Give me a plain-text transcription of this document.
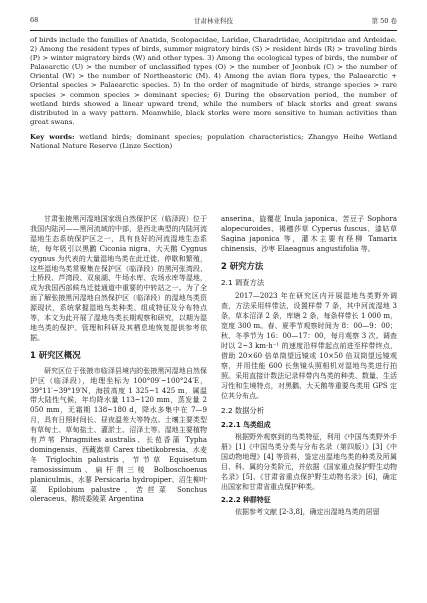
68	甘肃林业科技	第 50 卷

of birds include the families of Anatida, Scolopacidae, Laridae, Charadriidae, Accipitridae and Ardeidae. 2) Among the resident types of birds, summer migratory birds (S) > resident birds (R) > traveling birds (P) > winter migratory birds (W) and other types. 3) Among the ecological types of birds, the number of Palaearctic (U) > the number of unclassified types (O) > the number of Jeonbuk (C) > the number of Oriental (W) > the number of Northeasteric (M). 4) Among the avian flora types, the Palaearctic + Oriental species > Palaearctic species. 5) In the order of magnitude of birds, strange species > rare species > common species > dominant species; 6) During the observation period, the number of wetland birds showed a linear upward trend, while the numbers of black storks and great swans distributed in a wavy pattern. Meanwhile, black storks were more sensitive to human activities than great swans.

Key words: wetland birds; dominant species; population characteristics; Zhangye Heihe Wetland National Nature Reserve (Linze Section)

甘肃张掖黑河湿地国家级自然保护区（临泽段）位于我国内陆河——黑河流域的中部，是西北典型的内陆河流湿地生态系统保护区之一，具有良好的河流湿地生态系统，每年吸引以黑鹳 Ciconia nigra、大天鹅 Cygnus cygnus 为代表的大量湿地鸟类在此迁徙、停歇和繁殖，这些湿地鸟类常聚集在保护区（临泽段）的黑河张湾段、土桥段、芦湾段、双泉湖、牛场水库、农场水库等湿地，成为我国西部候鸟迁徙通道中重要的中转站之一。为了全面了解张掖黑河湿地自然保护区（临泽段）的湿地鸟类资源现状，系统掌握湿地鸟类种类、组成特征及分布特点等，本文为此开展了湿地鸟类长期观察和研究，以期为湿地鸟类的保护、管理和科研及其栖息地恢复提供参考依据。

1 研究区概况

研究区位于张掖市临泽县境内的张掖黑河湿地自然保护区（临泽段），地理坐标为 100°09′~100°24′E，39°11′~39°19′N，海拔高度 1 325~1 425 m，属温带大陆性气候，年均降水量 113~120 mm，蒸发量 2 050 mm，无霜期 138~180 d，降水多集中在 7—9 月，具有日照时间长、昼夜温差大等特点。土壤主要类型有草甸土、草甸盐土、灌淤土、沼泽土等。湿地主要植物有芦苇 Phragmites australis、长苞香蒲 Typha domingensis、西藏嵩草 Carex tibetikobresia、水麦冬 Triglochin palustris、节节草 Equisetum ramosissimum、扁杆荆三棱 Bolboschoenus planiculmis、水蓼 Persicaria hydropiper、沼生柳叶菜 Epilobium palustre、苦苣菜 Sonchus oleraceus、鹅绒委陵菜 Argentina

anserina、旋覆花 Inula japonica、苦豆子 Sophora alopecuroides、褐穗莎草 Cyperus fuscus、漆姑草 Sagina japonica 等，灌木主要有柽柳 Tamarix chinensis、沙枣 Elaeagnus angustifolia 等。

2 研究方法
2.1 调查方法

2017—2023 年在研究区内开展湿地鸟类野外调查，方法采用样带法，设置样带 7 条，其中河流湿地 3 条，草本沼泽 2 条，库塘 2 条，每条样带长 1 000 m，宽度 300 m。春、夏季节观察时间为 8：00—9：00；秋、冬季节为 16：00—17：00，每月观察 3 次。调查时以 2~3 km·h⁻¹ 的速度沿样带起点前进至样带终点，借助 20×60 倍单筒望远镜或 10×50 倍双筒望远镜观察，并用佳能 600 长焦镜头照相机对湿地鸟类进行拍照。采用直接计数法记录样带内鸟类的种类、数量、生活习性和生境特点，对黑鹳、大天鹅等重要鸟类用 GPS 定位其分布点。

2.2 数据分析
2.2.1 鸟类组成

根据野外观察到的鸟类特征，利用《中国鸟类野外手册》[1]《中国鸟类分类与分布名录（第四版）》[3]《中国动物地理》[4] 等资料，鉴定出湿地鸟类的种类及所属目、科、属的分类阶元，并依据《国家重点保护野生动物名录》[5]、《甘肃省重点保护野生动物名录》[6]，确定出国家和甘肃省重点保护种类。

2.2.2 种群特征

依据参考文献 [2-3,8]，确定出湿地鸟类的居留
